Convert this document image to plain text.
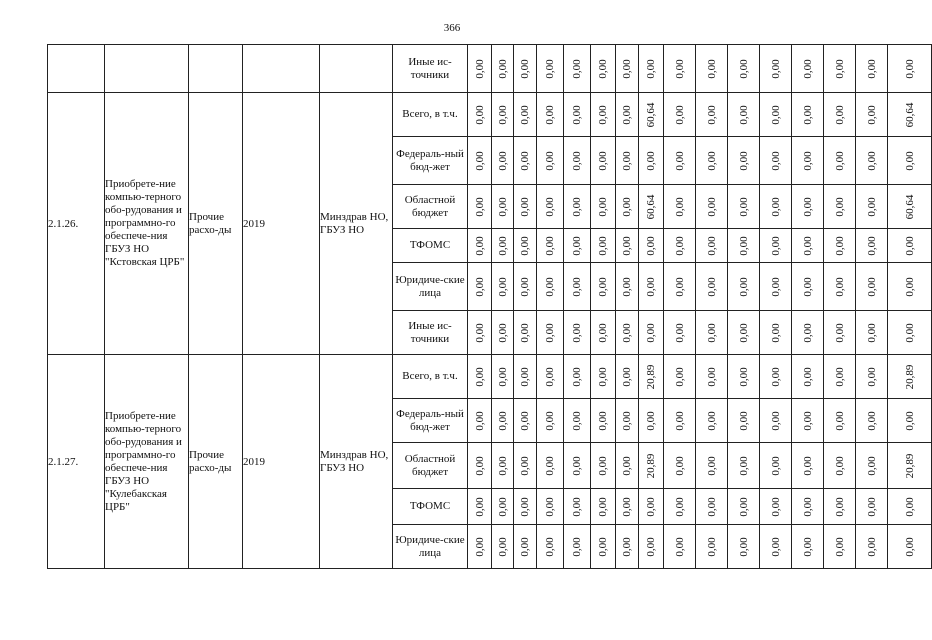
366
					Иные ис-точники	0,00	0,00	0,00	0,00	0,00	0,00	0,00	0,00	0,00	0,00	0,00	0,00	0,00	0,00	0,00	0,00

2.1.26.	Приобрете-ние компью-терного обо-рудования и программно-го обеспече-ния ГБУЗ НО "Кстовская ЦРБ"	Прочие расхо-ды	2019	Минздрав НО, ГБУЗ НО	Всего, в т.ч.	0,00	0,00	0,00	0,00	0,00	0,00	0,00	60,64	0,00	0,00	0,00	0,00	0,00	0,00	0,00	60,64

					Федераль-ный бюд-жет	0,00	0,00	0,00	0,00	0,00	0,00	0,00	0,00	0,00	0,00	0,00	0,00	0,00	0,00	0,00	0,00

					Областной бюджет	0,00	0,00	0,00	0,00	0,00	0,00	0,00	60,64	0,00	0,00	0,00	0,00	0,00	0,00	0,00	60,64

					ТФОМС	0,00	0,00	0,00	0,00	0,00	0,00	0,00	0,00	0,00	0,00	0,00	0,00	0,00	0,00	0,00	0,00

					Юридиче-ские лица	0,00	0,00	0,00	0,00	0,00	0,00	0,00	0,00	0,00	0,00	0,00	0,00	0,00	0,00	0,00	0,00

					Иные ис-точники	0,00	0,00	0,00	0,00	0,00	0,00	0,00	0,00	0,00	0,00	0,00	0,00	0,00	0,00	0,00	0,00

2.1.27.	Приобрете-ние компью-терного обо-рудования и программно-го обеспече-ния ГБУЗ НО "Кулебакская ЦРБ"	Прочие расхо-ды	2019	Минздрав НО, ГБУЗ НО	Всего, в т.ч.	0,00	0,00	0,00	0,00	0,00	0,00	0,00	20,89	0,00	0,00	0,00	0,00	0,00	0,00	0,00	20,89

					Федераль-ный бюд-жет	0,00	0,00	0,00	0,00	0,00	0,00	0,00	0,00	0,00	0,00	0,00	0,00	0,00	0,00	0,00	0,00

					Областной бюджет	0,00	0,00	0,00	0,00	0,00	0,00	0,00	20,89	0,00	0,00	0,00	0,00	0,00	0,00	0,00	20,89

					ТФОМС	0,00	0,00	0,00	0,00	0,00	0,00	0,00	0,00	0,00	0,00	0,00	0,00	0,00	0,00	0,00	0,00

					Юридиче-ские лица	0,00	0,00	0,00	0,00	0,00	0,00	0,00	0,00	0,00	0,00	0,00	0,00	0,00	0,00	0,00	0,00
